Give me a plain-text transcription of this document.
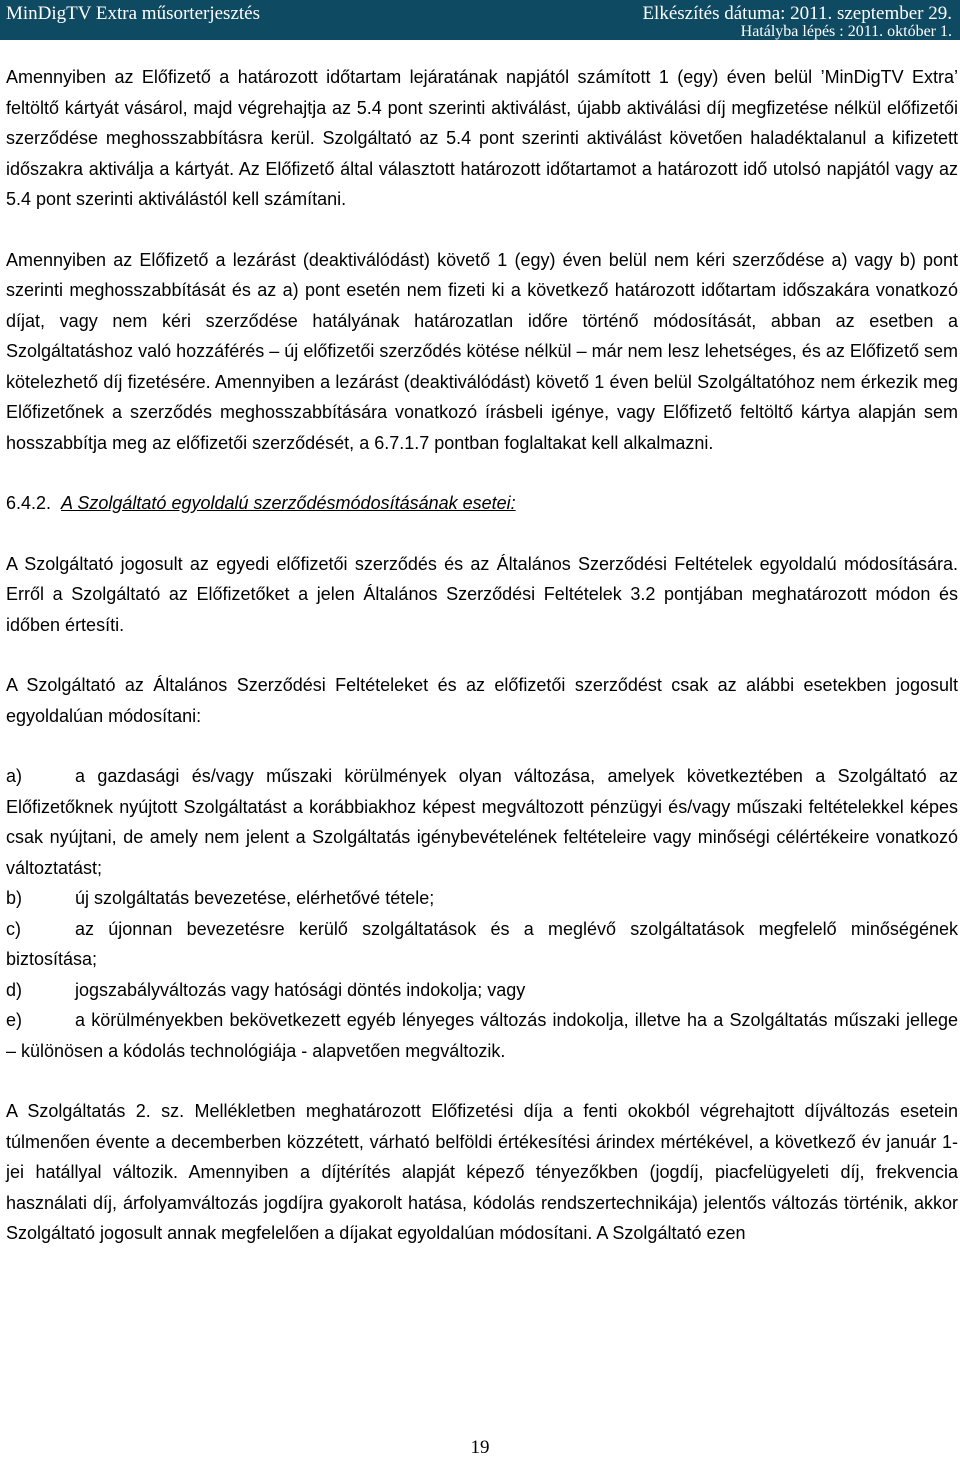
MinDigTV Extra műsorterjesztés	Elkészítés dátuma: 2011. szeptember 29.
Hatályba lépés : 2011. október 1.

Amennyiben az Előfizető a határozott időtartam lejáratának napjától számított 1 (egy) éven belül ’MinDigTV Extra’ feltöltő kártyát vásárol, majd végrehajtja az 5.4 pont szerinti aktiválást, újabb aktiválási díj megfizetése nélkül előfizetői szerződése meghosszabbításra kerül. Szolgáltató az 5.4 pont szerinti aktiválást követően haladéktalanul a kifizetett időszakra aktiválja a kártyát. Az Előfizető által választott határozott időtartamot a határozott idő utolsó napjától vagy az 5.4 pont szerinti aktiválástól kell számítani.

Amennyiben az Előfizető a lezárást (deaktiválódást) követő 1 (egy) éven belül nem kéri szerződése a) vagy b) pont szerinti meghosszabbítását és az a) pont esetén nem fizeti ki a következő határozott időtartam időszakára vonatkozó díjat, vagy nem kéri szerződése hatályának határozatlan időre történő módosítását, abban az esetben a Szolgáltatáshoz való hozzáférés – új előfizetői szerződés kötése nélkül – már nem lesz lehetséges, és az Előfizető sem kötelezhető díj fizetésére. Amennyiben a lezárást (deaktiválódást) követő 1 éven belül Szolgáltatóhoz nem érkezik meg Előfizetőnek a szerződés meghosszabbítására vonatkozó írásbeli igénye, vagy Előfizető feltöltő kártya alapján sem hosszabbítja meg az előfizetői szerződését, a 6.7.1.7 pontban foglaltakat kell alkalmazni.

6.4.2. A Szolgáltató egyoldalú szerződésmódosításának esetei:

A Szolgáltató jogosult az egyedi előfizetői szerződés és az Általános Szerződési Feltételek egyoldalú módosítására. Erről a Szolgáltató az Előfizetőket a jelen Általános Szerződési Feltételek 3.2 pontjában meghatározott módon és időben értesíti.

A Szolgáltató az Általános Szerződési Feltételeket és az előfizetői szerződést csak az alábbi esetekben jogosult egyoldalúan módosítani:

a)	a gazdasági és/vagy műszaki körülmények olyan változása, amelyek következtében a Szolgáltató az Előfizetőknek nyújtott Szolgáltatást a korábbiakhoz képest megváltozott pénzügyi és/vagy műszaki feltételekkel képes csak nyújtani, de amely nem jelent a Szolgáltatás igénybevételének feltételeire vagy minőségi célértékeire vonatkozó változtatást;
b)	új szolgáltatás bevezetése, elérhetővé tétele;
c)	az újonnan bevezetésre kerülő szolgáltatások és a meglévő szolgáltatások megfelelő minőségének biztosítása;
d)	jogszabályváltozás vagy hatósági döntés indokolja; vagy
e)	a körülményekben bekövetkezett egyéb lényeges változás indokolja, illetve ha a Szolgáltatás műszaki jellege – különösen a kódolás technológiája - alapvetően megváltozik.

A Szolgáltatás 2. sz. Mellékletben meghatározott Előfizetési díja a fenti okokból végrehajtott díjváltozás esetein túlmenően évente a decemberben közzétett, várható belföldi értékesítési árindex mértékével, a következő év január 1-jei hatállyal változik. Amennyiben a díjtérítés alapját képező tényezőkben (jogdíj, piacfelügyeleti díj, frekvencia használati díj, árfolyamváltozás jogdíjra gyakorolt hatása, kódolás rendszertechnikája) jelentős változás történik, akkor Szolgáltató jogosult annak megfelelően a díjakat egyoldalúan módosítani. A Szolgáltató ezen

19
